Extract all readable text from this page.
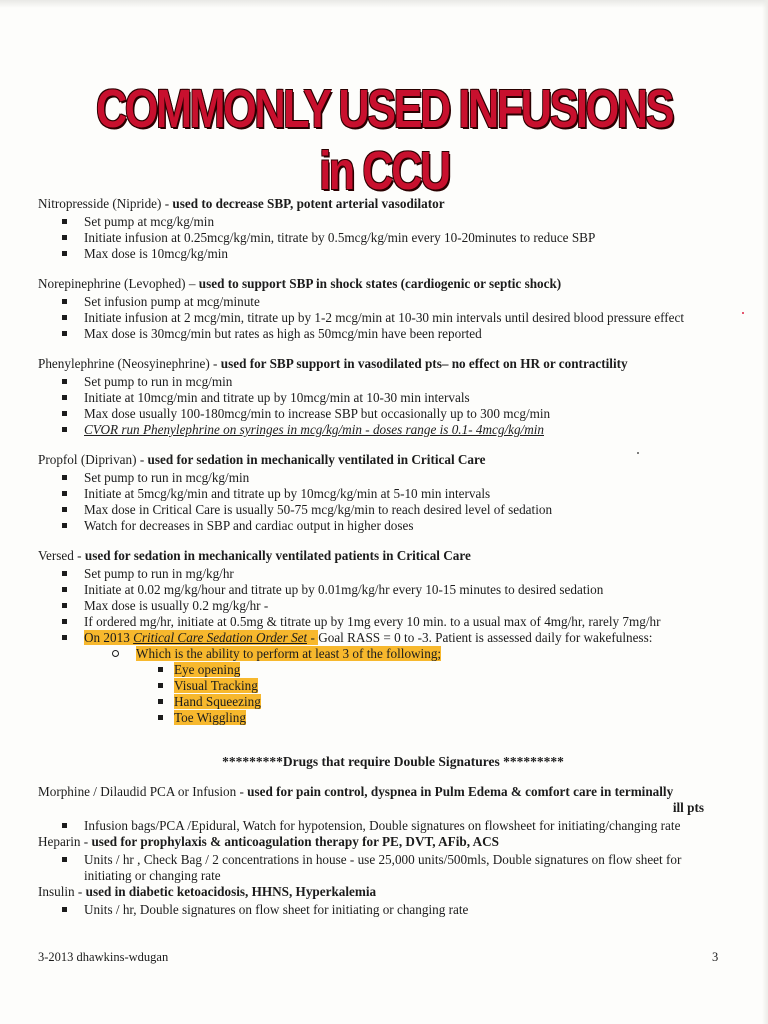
COMMONLY USED INFUSIONS in CCU

Nitropresside (Nipride) - used to decrease SBP, potent arterial vasodilator

Set pump at mcg/kg/min
Initiate infusion at 0.25mcg/kg/min, titrate by 0.5mcg/kg/min every 10-20minutes to reduce SBP
Max dose is 10mcg/kg/min

Norepinephrine (Levophed) – used to support SBP in shock states (cardiogenic or septic shock)

Set infusion pump at mcg/minute
Initiate infusion at 2 mcg/min, titrate up by 1-2 mcg/min at 10-30 min intervals until desired blood pressure effect
Max dose is 30mcg/min but rates as high as 50mcg/min have been reported

Phenylephrine (Neosyinephrine) - used for SBP support in vasodilated pts– no effect on HR or contractility

Set pump to run in mcg/min
Initiate at 10mcg/min and titrate up by 10mcg/min at 10-30 min intervals
Max dose usually 100-180mcg/min to increase SBP but occasionally up to 300 mcg/min
CVOR run Phenylephrine on syringes in mcg/kg/min - doses range is 0.1- 4mcg/kg/min

Propfol (Diprivan) - used for sedation in mechanically ventilated in Critical Care

Set pump to run in mcg/kg/min
Initiate at 5mcg/kg/min and titrate up by 10mcg/kg/min at 5-10 min intervals
Max dose in Critical Care is usually 50-75 mcg/kg/min to reach desired level of sedation
Watch for decreases in SBP and cardiac output in higher doses

Versed - used for sedation in mechanically ventilated patients in Critical Care

Set pump to run in mg/kg/hr
Initiate at 0.02 mg/kg/hour and titrate up by 0.01mg/kg/hr every 10-15 minutes to desired sedation
Max dose is usually 0.2 mg/kg/hr -
If ordered mg/hr, initiate at 0.5mg & titrate up by 1mg every 10 min. to a usual max of 4mg/hr, rarely 7mg/hr
On 2013 Critical Care Sedation Order Set - Goal RASS = 0 to -3. Patient is assessed daily for wakefulness:
Which is the ability to perform at least 3 of the following;
Eye opening
Visual Tracking
Hand Squeezing
Toe Wiggling
*********Drugs that require Double Signatures *********

Morphine / Dilaudid PCA or Infusion - used for pain control, dyspnea in Pulm Edema & comfort care in terminally

ill pts
Infusion bags/PCA /Epidural, Watch for hypotension, Double signatures on flowsheet for initiating/changing rate

Heparin - used for prophylaxis & anticoagulation therapy for PE, DVT, AFib, ACS

Units / hr , Check Bag / 2 concentrations in house - use 25,000 units/500mls, Double signatures on flow sheet for initiating or changing rate

Insulin - used in diabetic ketoacidosis, HHNS, Hyperkalemia

Units / hr, Double signatures on flow sheet for initiating or changing rate
3-2013 dhawkins-wdugan	3
